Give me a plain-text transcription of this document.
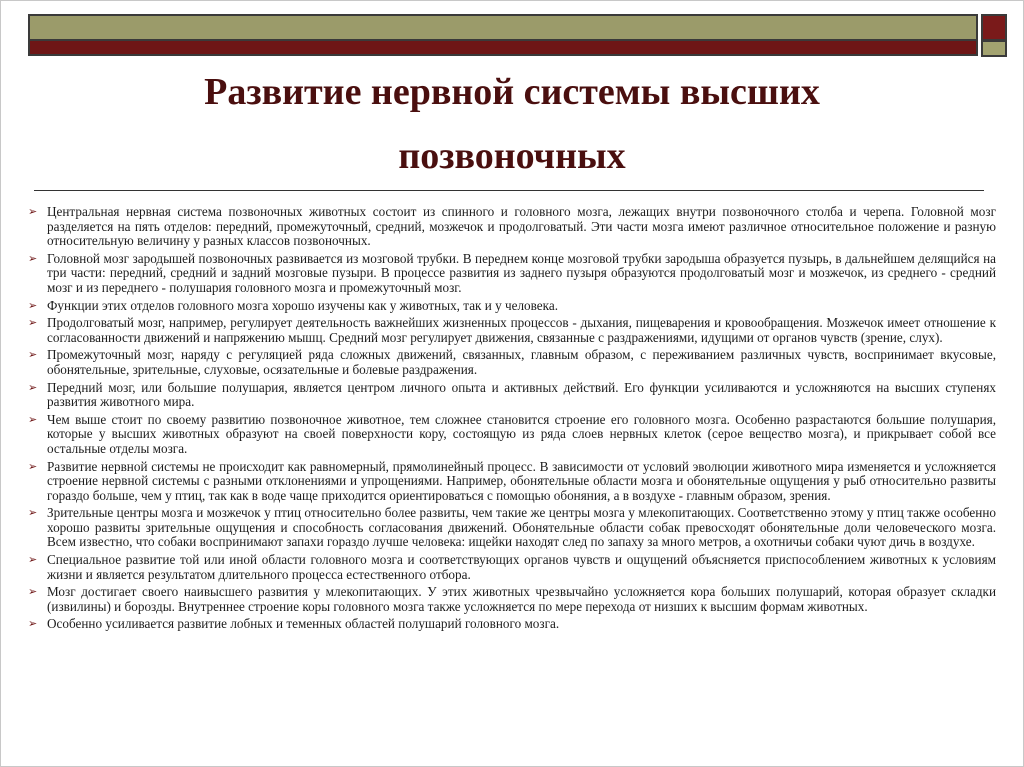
Развитие нервной системы высших
позвоночных
➢ Центральная нервная система позвоночных животных состоит из спинного и головного мозга, лежащих внутри позвоночного столба и черепа. Головной мозг разделяется на пять отделов: передний, промежуточный, средний, мозжечок и продолговатый. Эти части мозга имеют различное относительное положение и разную относительную величину у разных классов позвоночных.
➢ Головной мозг зародышей позвоночных развивается из мозговой трубки. В переднем конце мозговой трубки зародыша образуется пузырь, в дальнейшем делящийся на три части: передний, средний и задний мозговые пузыри. В процессе развития из заднего пузыря образуются продолговатый мозг и мозжечок, из среднего - средний мозг и из переднего - полушария головного мозга и промежуточный мозг.
➢ Функции этих отделов головного мозга хорошо изучены как у животных, так и у человека.
➢ Продолговатый мозг, например, регулирует деятельность важнейших жизненных процессов - дыхания, пищеварения и кровообращения. Мозжечок имеет отношение к согласованности движений и напряжению мышц. Средний мозг регулирует движения, связанные с раздражениями, идущими от органов чувств (зрение, слух).
➢ Промежуточный мозг, наряду с регуляцией ряда сложных движений, связанных, главным образом, с переживанием различных чувств, воспринимает вкусовые, обонятельные, зрительные, слуховые, осязательные и болевые раздражения.
➢ Передний мозг, или большие полушария, является центром личного опыта и активных действий. Его функции усиливаются и усложняются на высших ступенях развития животного мира.
➢ Чем выше стоит по своему развитию позвоночное животное, тем сложнее становится строение его головного мозга. Особенно разрастаются большие полушария, которые у высших животных образуют на своей поверхности кору, состоящую из ряда слоев нервных клеток (серое вещество мозга), и прикрывает собой все остальные отделы мозга.
➢ Развитие нервной системы не происходит как равномерный, прямолинейный процесс. В зависимости от условий эволюции животного мира изменяется и усложняется строение нервной системы с разными отклонениями и упрощениями. Например, обонятельные области мозга и обонятельные ощущения у рыб относительно развиты гораздо больше, чем у птиц, так как в воде чаще приходится ориентироваться с помощью обоняния, а в воздухе - главным образом, зрения.
➢ Зрительные центры мозга и мозжечок у птиц относительно более развиты, чем такие же центры мозга у млекопитающих. Соответственно этому у птиц также особенно хорошо развиты зрительные ощущения и способность согласования движений. Обонятельные области собак превосходят обонятельные доли человеческого мозга. Всем известно, что собаки воспринимают запахи гораздо лучше человека: ищейки находят след по запаху за много метров, а охотничьи собаки чуют дичь в воздухе.
➢ Специальное развитие той или иной области головного мозга и соответствующих органов чувств и ощущений объясняется приспособлением животных к условиям жизни и является результатом длительного процесса естественного отбора.
➢ Мозг достигает своего наивысшего развития у млекопитающих. У этих животных чрезвычайно усложняется кора больших полушарий, которая образует складки (извилины) и борозды. Внутреннее строение коры головного мозга также усложняется по мере перехода от низших к высшим формам животных.
➢ Особенно усиливается развитие лобных и теменных областей полушарий головного мозга.
